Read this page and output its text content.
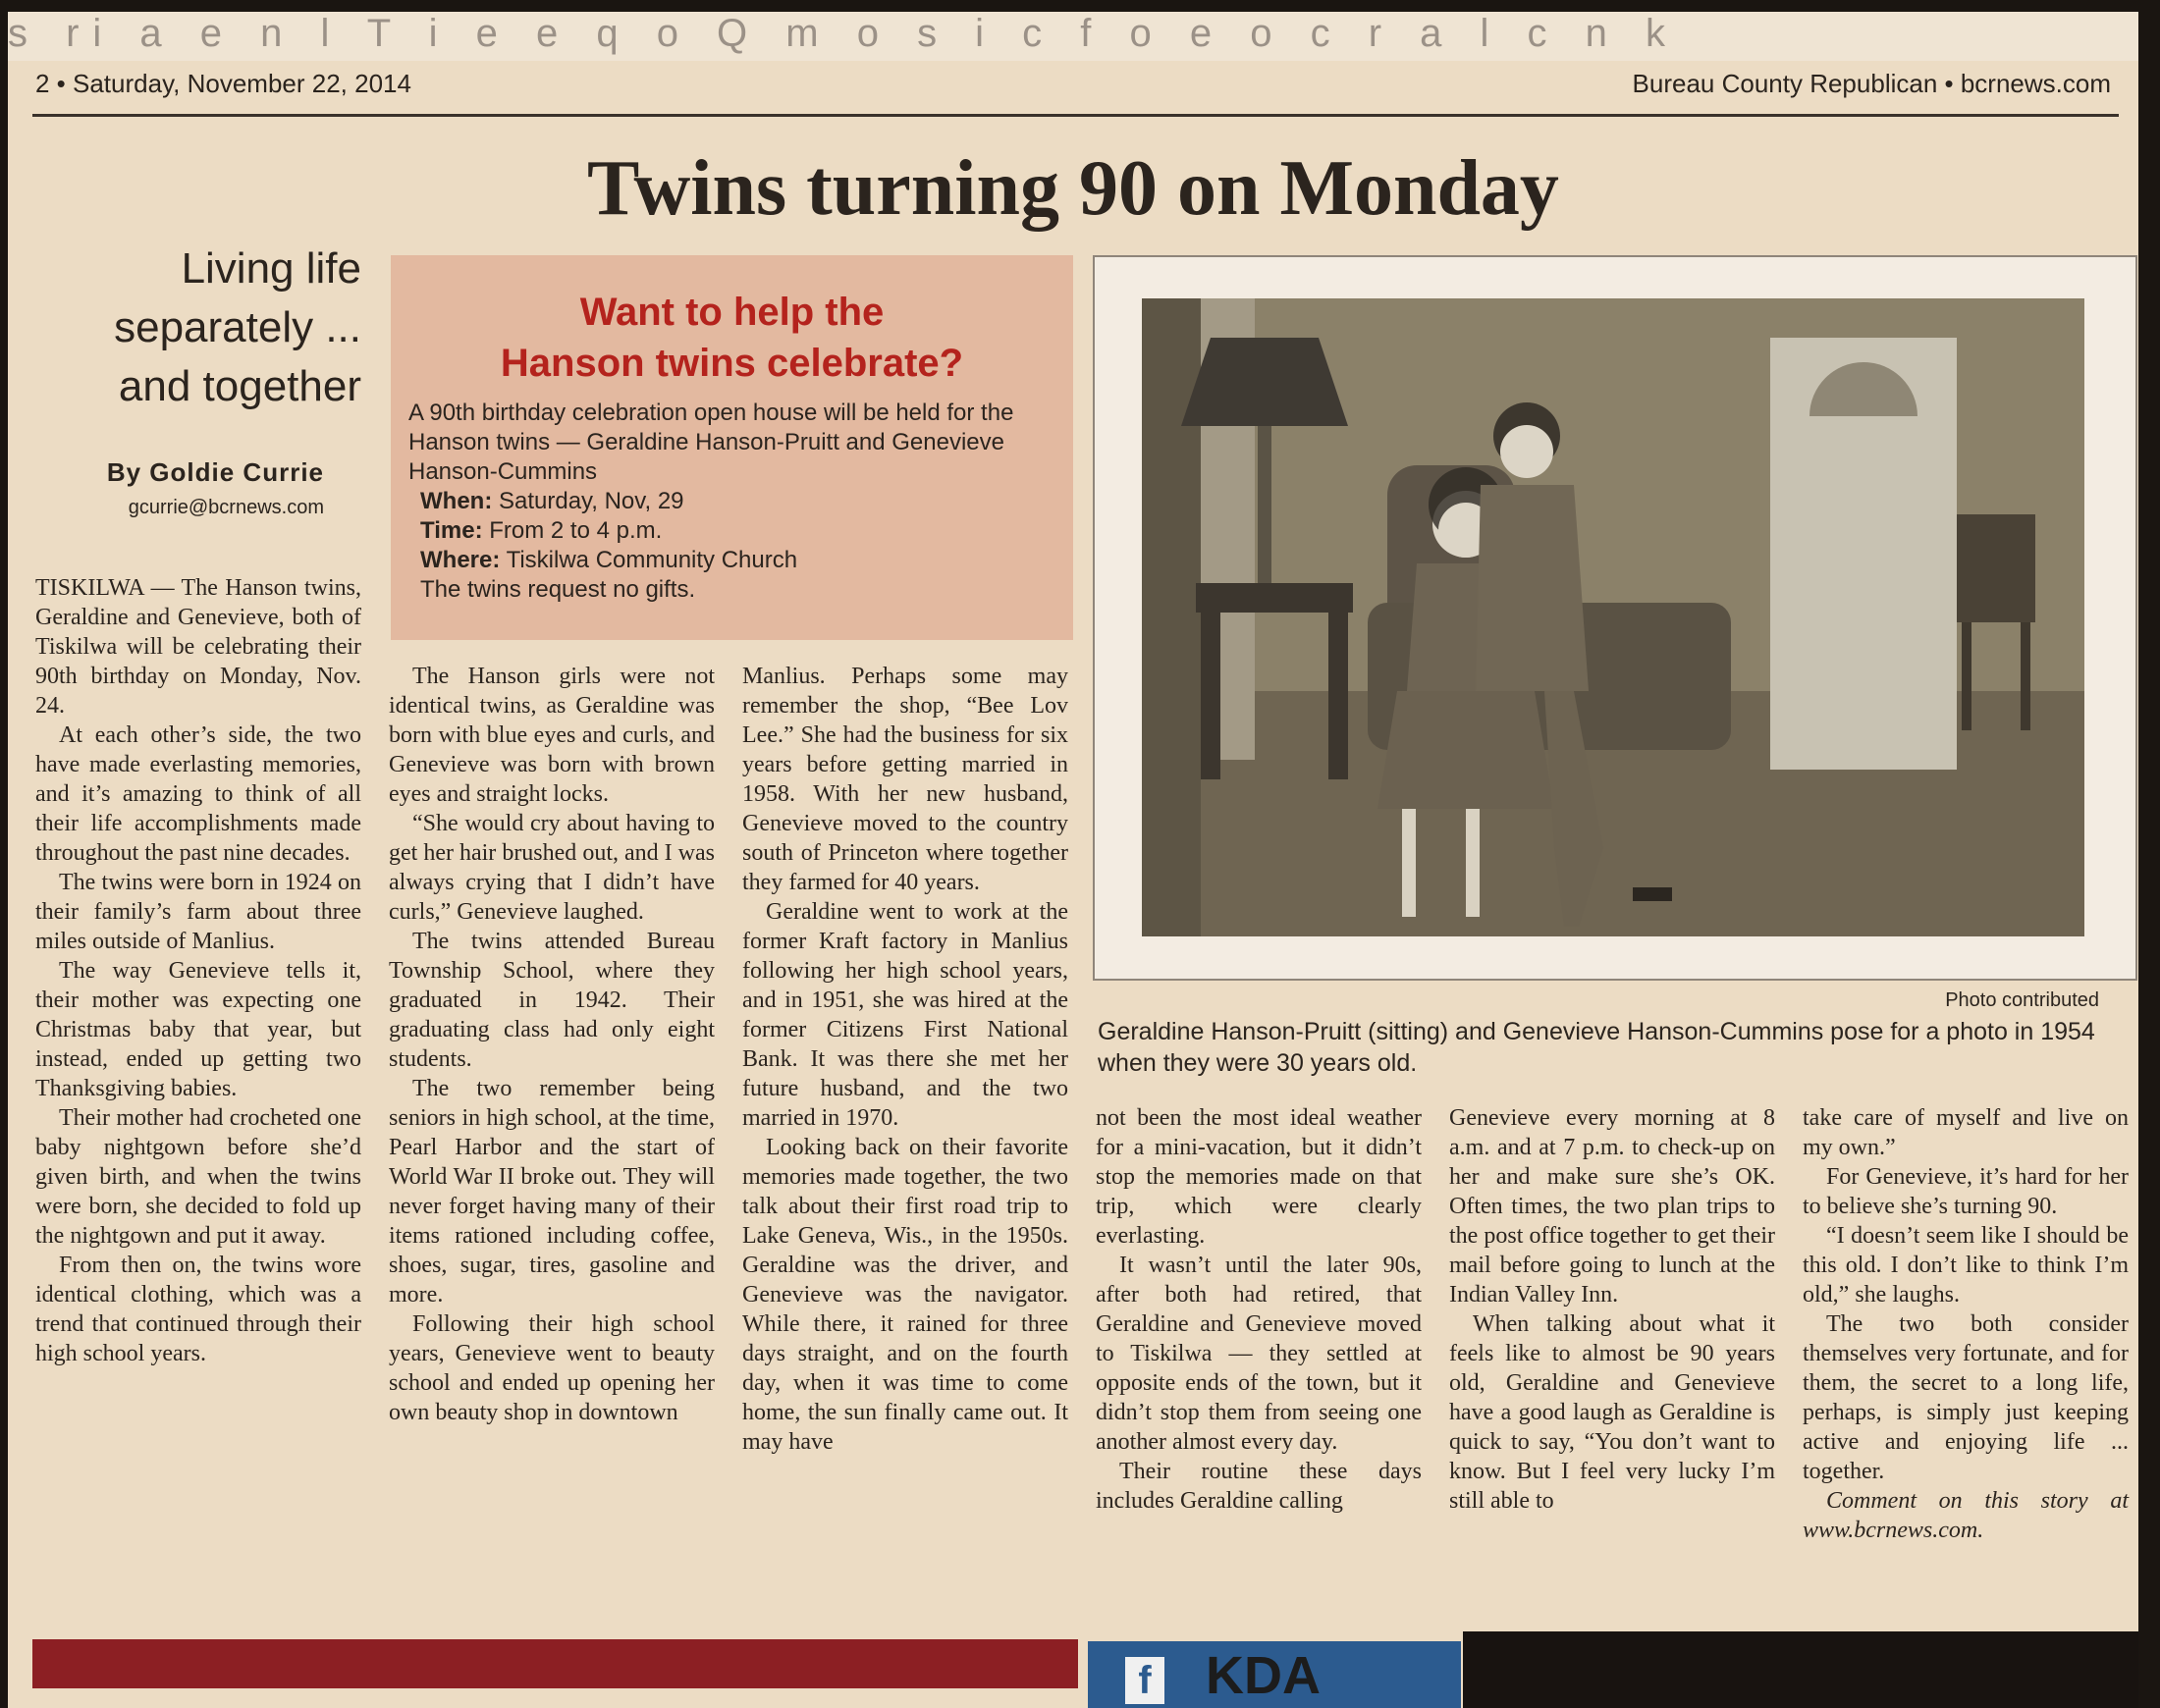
s ri a e n l T i e e q o Q m o s i c f o e o c r a l c n k
2 • Saturday, November 22, 2014	Bureau County Republican • bcrnews.com
Twins turning 90 on Monday
Living life
separately ...
and together
By Goldie Currie
gcurrie@bcrnews.com
Want to help the
Hanson twins celebrate?
A 90th birthday celebration open house will be held for the Hanson twins — Geraldine Hanson-Pruitt and Genevieve Hanson-Cummins
When: Saturday, Nov, 29
Time: From 2 to 4 p.m.
Where: Tiskilwa Community Church
The twins request no gifts.

TISKILWA — The Hanson twins, Geraldine and Genevieve, both of Tiskilwa will be celebrating their 90th birthday on Monday, Nov. 24.

At each other’s side, the two have made everlasting memories, and it’s amazing to think of all their life accomplishments made throughout the past nine decades.

The twins were born in 1924 on their family’s farm about three miles outside of Manlius.

The way Genevieve tells it, their mother was expecting one Christmas baby that year, but instead, ended up getting two Thanksgiving babies.

Their mother had crocheted one baby nightgown before she’d given birth, and when the twins were born, she decided to fold up the nightgown and put it away.

From then on, the twins wore identical clothing, which was a trend that continued through their high school years.

The Hanson girls were not identical twins, as Geraldine was born with blue eyes and curls, and Genevieve was born with brown eyes and straight locks.

“She would cry about having to get her hair brushed out, and I was always crying that I didn’t have curls,” Genevieve laughed.

The twins attended Bureau Township School, where they graduated in 1942. Their graduating class had only eight students.

The two remember being seniors in high school, at the time, Pearl Harbor and the start of World War II broke out. They will never forget having many of their items rationed including coffee, shoes, sugar, tires, gasoline and more.

Following their high school years, Genevieve went to beauty school and ended up opening her own beauty shop in downtown

Manlius. Perhaps some may remember the shop, “Bee Lov Lee.” She had the business for six years before getting married in 1958. With her new husband, Genevieve moved to the country south of Princeton where together they farmed for 40 years.

Geraldine went to work at the former Kraft factory in Manlius following her high school years, and in 1951, she was hired at the former Citizens First National Bank. It was there she met her future husband, and the two married in 1970.

Looking back on their favorite memories made together, the two talk about their first road trip to Lake Geneva, Wis., in the 1950s. Geraldine was the driver, and Genevieve was the navigator. While there, it rained for three days straight, and on the fourth day, when it was time to come home, the sun finally came out. It may have

Photo contributed
Geraldine Hanson-Pruitt (sitting) and Genevieve Hanson-Cummins pose for a photo in 1954 when they were 30 years old.

not been the most ideal weather for a mini-vacation, but it didn’t stop the memories made on that trip, which were clearly everlasting.

It wasn’t until the later 90s, after both had retired, that Geraldine and Genevieve moved to Tiskilwa — they settled at opposite ends of the town, but it didn’t stop them from seeing one another almost every day.

Their routine these days includes Geraldine calling

Genevieve every morning at 8 a.m. and at 7 p.m. to check-up on her and make sure she’s OK. Often times, the two plan trips to the post office together to get their mail before going to lunch at the Indian Valley Inn.

When talking about what it feels like to almost be 90 years old, Geraldine and Genevieve have a good laugh as Geraldine is quick to say, “You don’t want to know. But I feel very lucky I’m still able to

take care of myself and live on my own.”

For Genevieve, it’s hard for her to believe she’s turning 90.

“I doesn’t seem like I should be this old. I don’t like to think I’m old,” she laughs.

The two both consider themselves very fortunate, and for them, the secret to a long life, perhaps, is simply just keeping active and enjoying life ... together.

Comment on this story at www.bcrnews.com.

f KDA
